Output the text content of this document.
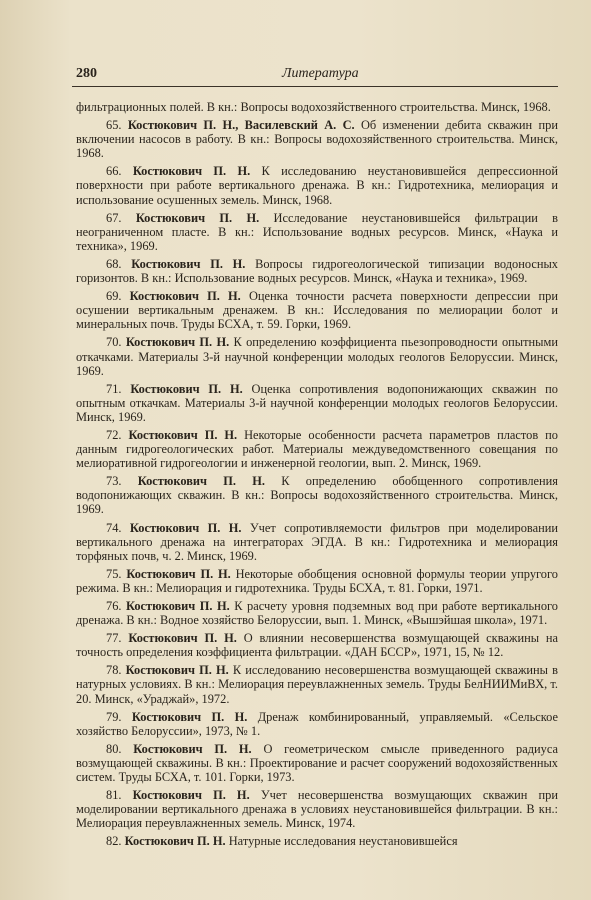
280	Литература

фильтрационных полей. В кн.: Вопросы водохозяйственного строительства. Минск, 1968.

65. Костюкович П. Н., Василевский А. С. Об изменении дебита скважин при включении насосов в работу. В кн.: Вопросы водохозяйственного строительства. Минск, 1968.

66. Костюкович П. Н. К исследованию неустановившейся депрессионной поверхности при работе вертикального дренажа. В кн.: Гидротехника, мелиорация и использование осушенных земель. Минск, 1968.

67. Костюкович П. Н. Исследование неустановившейся фильтрации в неограниченном пласте. В кн.: Использование водных ресурсов. Минск, «Наука и техника», 1969.

68. Костюкович П. Н. Вопросы гидрогеологической типизации водоносных горизонтов. В кн.: Использование водных ресурсов. Минск, «Наука и техника», 1969.

69. Костюкович П. Н. Оценка точности расчета поверхности депрессии при осушении вертикальным дренажем. В кн.: Исследования по мелиорации болот и минеральных почв. Труды БСХА, т. 59. Горки, 1969.

70. Костюкович П. Н. К определению коэффициента пьезопроводности опытными откачками. Материалы 3-й научной конференции молодых геологов Белоруссии. Минск, 1969.

71. Костюкович П. Н. Оценка сопротивления водопонижающих скважин по опытным откачкам. Материалы 3-й научной конференции молодых геологов Белоруссии. Минск, 1969.

72. Костюкович П. Н. Некоторые особенности расчета параметров пластов по данным гидрогеологических работ. Материалы междуведомственного совещания по мелиоративной гидрогеологии и инженерной геологии, вып. 2. Минск, 1969.

73. Костюкович П. Н. К определению обобщенного сопротивления водопонижающих скважин. В кн.: Вопросы водохозяйственного строительства. Минск, 1969.

74. Костюкович П. Н. Учет сопротивляемости фильтров при моделировании вертикального дренажа на интеграторах ЭГДА. В кн.: Гидротехника и мелиорация торфяных почв, ч. 2. Минск, 1969.

75. Костюкович П. Н. Некоторые обобщения основной формулы теории упругого режима. В кн.: Мелиорация и гидротехника. Труды БСХА, т. 81. Горки, 1971.

76. Костюкович П. Н. К расчету уровня подземных вод при работе вертикального дренажа. В кн.: Водное хозяйство Белоруссии, вып. 1. Минск, «Вышэйшая школа», 1971.

77. Костюкович П. Н. О влиянии несовершенства возмущающей скважины на точность определения коэффициента фильтрации. «ДАН БССР», 1971, 15, № 12.

78. Костюкович П. Н. К исследованию несовершенства возмущающей скважины в натурных условиях. В кн.: Мелиорация переувлажненных земель. Труды БелНИИМиВХ, т. 20. Минск, «Ураджай», 1972.

79. Костюкович П. Н. Дренаж комбинированный, управляемый. «Сельское хозяйство Белоруссии», 1973, № 1.

80. Костюкович П. Н. О геометрическом смысле приведенного радиуса возмущающей скважины. В кн.: Проектирование и расчет сооружений водохозяйственных систем. Труды БСХА, т. 101. Горки, 1973.

81. Костюкович П. Н. Учет несовершенства возмущающих скважин при моделировании вертикального дренажа в условиях неустановившейся фильтрации. В кн.: Мелиорация переувлажненных земель. Минск, 1974.

82. Костюкович П. Н. Натурные исследования неустановившейся
